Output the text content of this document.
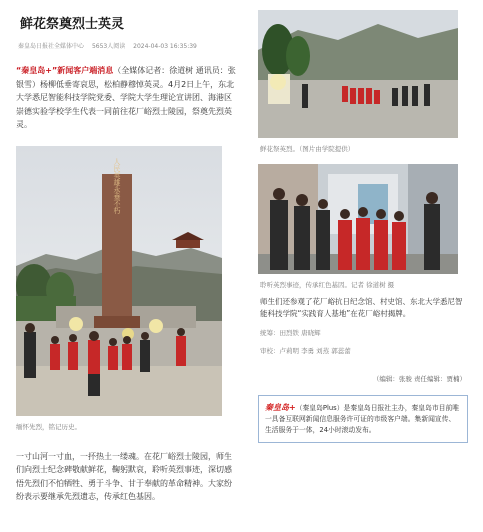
鲜花祭奠烈士英灵
秦皇岛日报社全媒体中心 5653人阅读 2024-04-03 16:35:39
“秦皇岛+”新闻客户端消息（全媒体记者：徐道树 通讯员：张银雪）杨柳低垂寄哀思，松柏静穆悼英灵。4月2日上午，东北大学悉尼智能科技学院党委、学院大学生理论宣讲团、海港区崇德实验学校学生代表一同前往花厂峪烈士陵园，祭奠先烈英灵。
人民英雄永垂不朽
缅怀先烈，铭记历史。
一寸山河一寸血，一抔热土一缕魂。在花厂峪烈士陵园，师生们向烈士纪念碑敬献鲜花，鞠躬默哀，聆听英烈事迹，深切感悟先烈们不怕牺牲、勇于斗争、甘于奉献的革命精神。大家纷纷表示要继承先烈遗志，传承红色基因。
鲜花祭英烈。（图片由学院提供）
聆听英烈事迹，传承红色基因。记者 徐道树 摄
师生们还参观了花厂峪抗日纪念馆、村史馆、东北大学悉尼智能科技学院“实践育人基地”在花厂峪村揭牌。
统筹：田烈铁 唐晓辉
审校：卢莉明 李勇 刘蒸 郭蕊蕾
（编辑：张骏 责任编辑：贾楠）
秦皇岛+（秦皇岛Plus）是秦皇岛日报社主办，秦皇岛市目前唯一具备互联网新闻信息服务许可证的市级客户端。集新闻宣传、生活服务于一体，24小时滚动发布。
